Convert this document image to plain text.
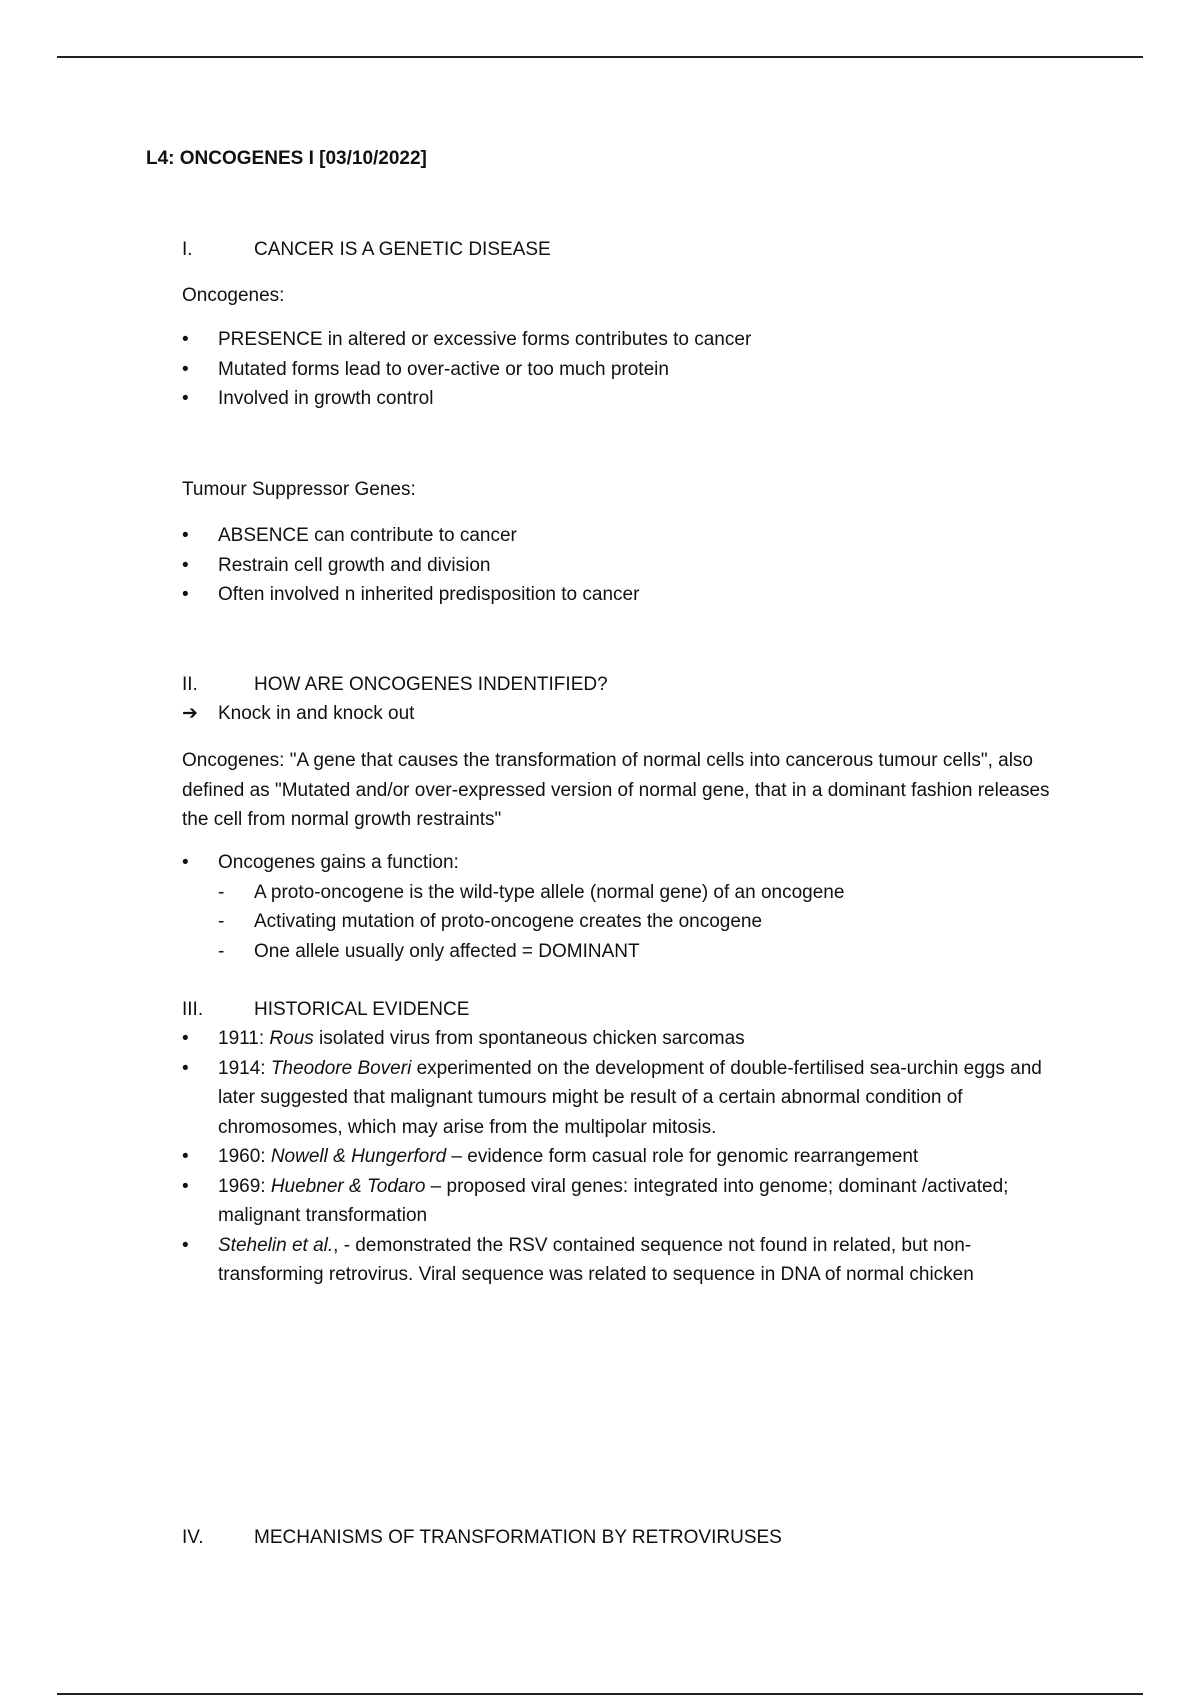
L4: ONCOGENES I [03/10/2022]
I.	CANCER IS A GENETIC DISEASE

Oncogenes:

•	PRESENCE in altered or excessive forms contributes to cancer
•	Mutated forms lead to over-active or too much protein
•	Involved in growth control

Tumour Suppressor Genes:

•	ABSENCE can contribute to cancer
•	Restrain cell growth and division
•	Often involved n inherited predisposition to cancer
II.	HOW ARE ONCOGENES INDENTIFIED?

➔ Knock in and knock out

Oncogenes: "A gene that causes the transformation of normal cells into cancerous tumour cells", also defined as "Mutated and/or over-expressed version of normal gene, that in a dominant fashion releases the cell from normal growth restraints"

•	Oncogenes gains a function:
- A proto-oncogene is the wild-type allele (normal gene) of an oncogene
- Activating mutation of proto-oncogene creates the oncogene
- One allele usually only affected = DOMINANT
III.	HISTORICAL EVIDENCE
•	1911: Rous isolated virus from spontaneous chicken sarcomas
•	1914: Theodore Boveri experimented on the development of double-fertilised sea-urchin eggs and later suggested that malignant tumours might be result of a certain abnormal condition of chromosomes, which may arise from the multipolar mitosis.
•	1960: Nowell & Hungerford – evidence form casual role for genomic rearrangement
•	1969: Huebner & Todaro – proposed viral genes: integrated into genome; dominant /activated; malignant transformation
•	Stehelin et al., - demonstrated the RSV contained sequence not found in related, but non-transforming retrovirus. Viral sequence was related to sequence in DNA of normal chicken
IV.	MECHANISMS OF TRANSFORMATION BY RETROVIRUSES
